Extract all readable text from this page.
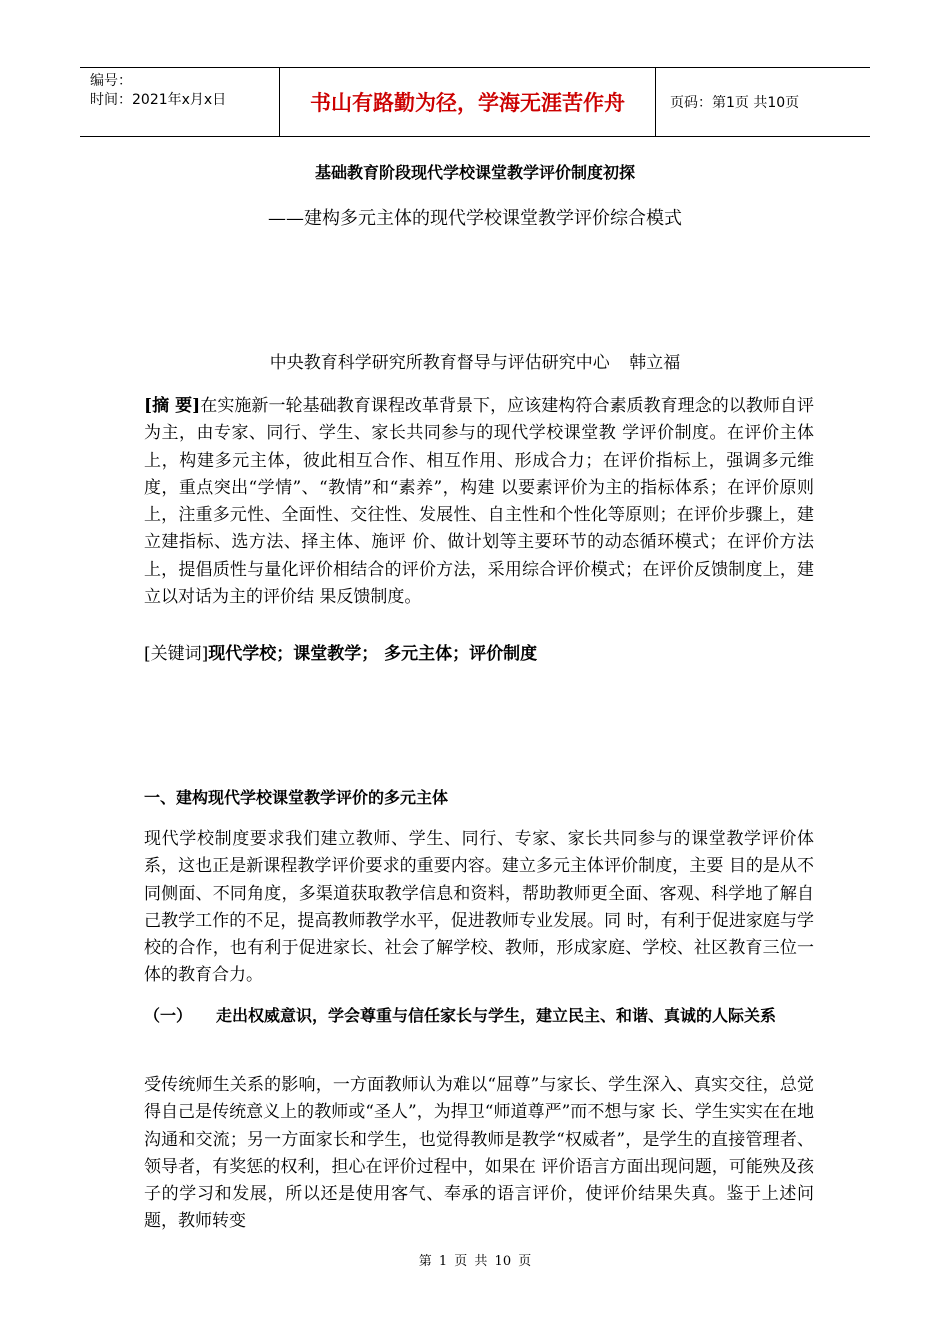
编号：
时间：2021年x月x日	书山有路勤为径，学海无涯苦作舟	页码：第1页 共10页
基础教育阶段现代学校课堂教学评价制度初探
——建构多元主体的现代学校课堂教学评价综合模式
中央教育科学研究所教育督导与评估研究中心 韩立福

[摘 要]在实施新一轮基础教育课程改革背景下，应该建构符合素质教育理念的以教师自评为主，由专家、同行、学生、家长共同参与的现代学校课堂教 学评价制度。在评价主体上，构建多元主体，彼此相互合作、相互作用、形成合力；在评价指标上，强调多元维度，重点突出“学情”、“教情”和“素养”，构建 以要素评价为主的指标体系；在评价原则上，注重多元性、全面性、交往性、发展性、自主性和个性化等原则；在评价步骤上，建立建指标、选方法、择主体、施评 价、做计划等主要环节的动态循环模式；在评价方法上，提倡质性与量化评价相结合的评价方法，采用综合评价模式；在评价反馈制度上，建立以对话为主的评价结 果反馈制度。

[关键词]现代学校；课堂教学； 多元主体；评价制度

一、建构现代学校课堂教学评价的多元主体

现代学校制度要求我们建立教师、学生、同行、专家、家长共同参与的课堂教学评价体系，这也正是新课程教学评价要求的重要内容。建立多元主体评价制度，主要 目的是从不同侧面、不同角度，多渠道获取教学信息和资料，帮助教师更全面、客观、科学地了解自己教学工作的不足，提高教师教学水平，促进教师专业发展。同 时，有利于促进家庭与学校的合作，也有利于促进家长、社会了解学校、教师，形成家庭、学校、社区教育三位一体的教育合力。

（一）　　走出权威意识，学会尊重与信任家长与学生，建立民主、和谐、真诚的人际关系

受传统师生关系的影响，一方面教师认为难以“屈尊”与家长、学生深入、真实交往，总觉得自己是传统意义上的教师或“圣人”，为捍卫“师道尊严”而不想与家 长、学生实实在在地沟通和交流；另一方面家长和学生，也觉得教师是教学“权威者”，是学生的直接管理者、领导者，有奖惩的权利，担心在评价过程中，如果在 评价语言方面出现问题，可能殃及孩子的学习和发展，所以还是使用客气、奉承的语言评价，使评价结果失真。鉴于上述问题，教师转变

第 1 页 共 10 页
